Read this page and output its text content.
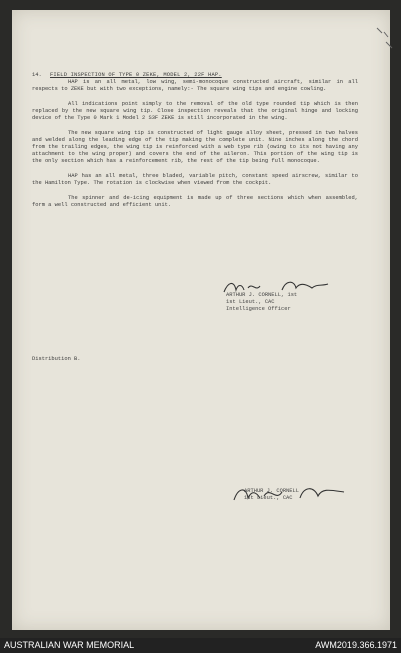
14. FIELD INSPECTION OF TYPE 0 ZEKE, MODEL 2, 22F HAP.

HAP is an all metal, low wing, semi-monocoque constructed aircraft, similar in all respects to ZEKE but with two exceptions, namely:- The square wing tips and engine cowling.

All indications point simply to the removal of the old type rounded tip which is then replaced by the new square wing tip. Close inspection reveals that the original hinge and locking device of the Type 0 Mark 1 Model 2 S3F ZEKE is still incorporated in the wing.

The new square wing tip is constructed of light gauge alloy sheet, pressed in two halves and welded along the leading edge of the tip making the complete unit. Nine inches along the chord from the trailing edges, the wing tip is reinforced with a web type rib (owing to its not having any attachment to the wing proper) and covers the end of the aileron. This portion of the wing tip is the only section which has a reinforcement rib, the rest of the tip being full monocoque.

HAP has an all metal, three bladed, variable pitch, constant speed airscrew, similar to the Hamilton Type. The rotation is clockwise when viewed from the cockpit.

The spinner and de-icing equipment is made up of three sections which when assembled, form a well constructed and efficient unit.

ARTHUR J. CORNELL, 1st
1st Lieut., CAC
Intelligence Officer
Distribution B.
ARTHUR J. CORNELL
1st Lieut., CAC
AUSTRALIAN WAR MEMORIAL	AWM2019.366.1971
